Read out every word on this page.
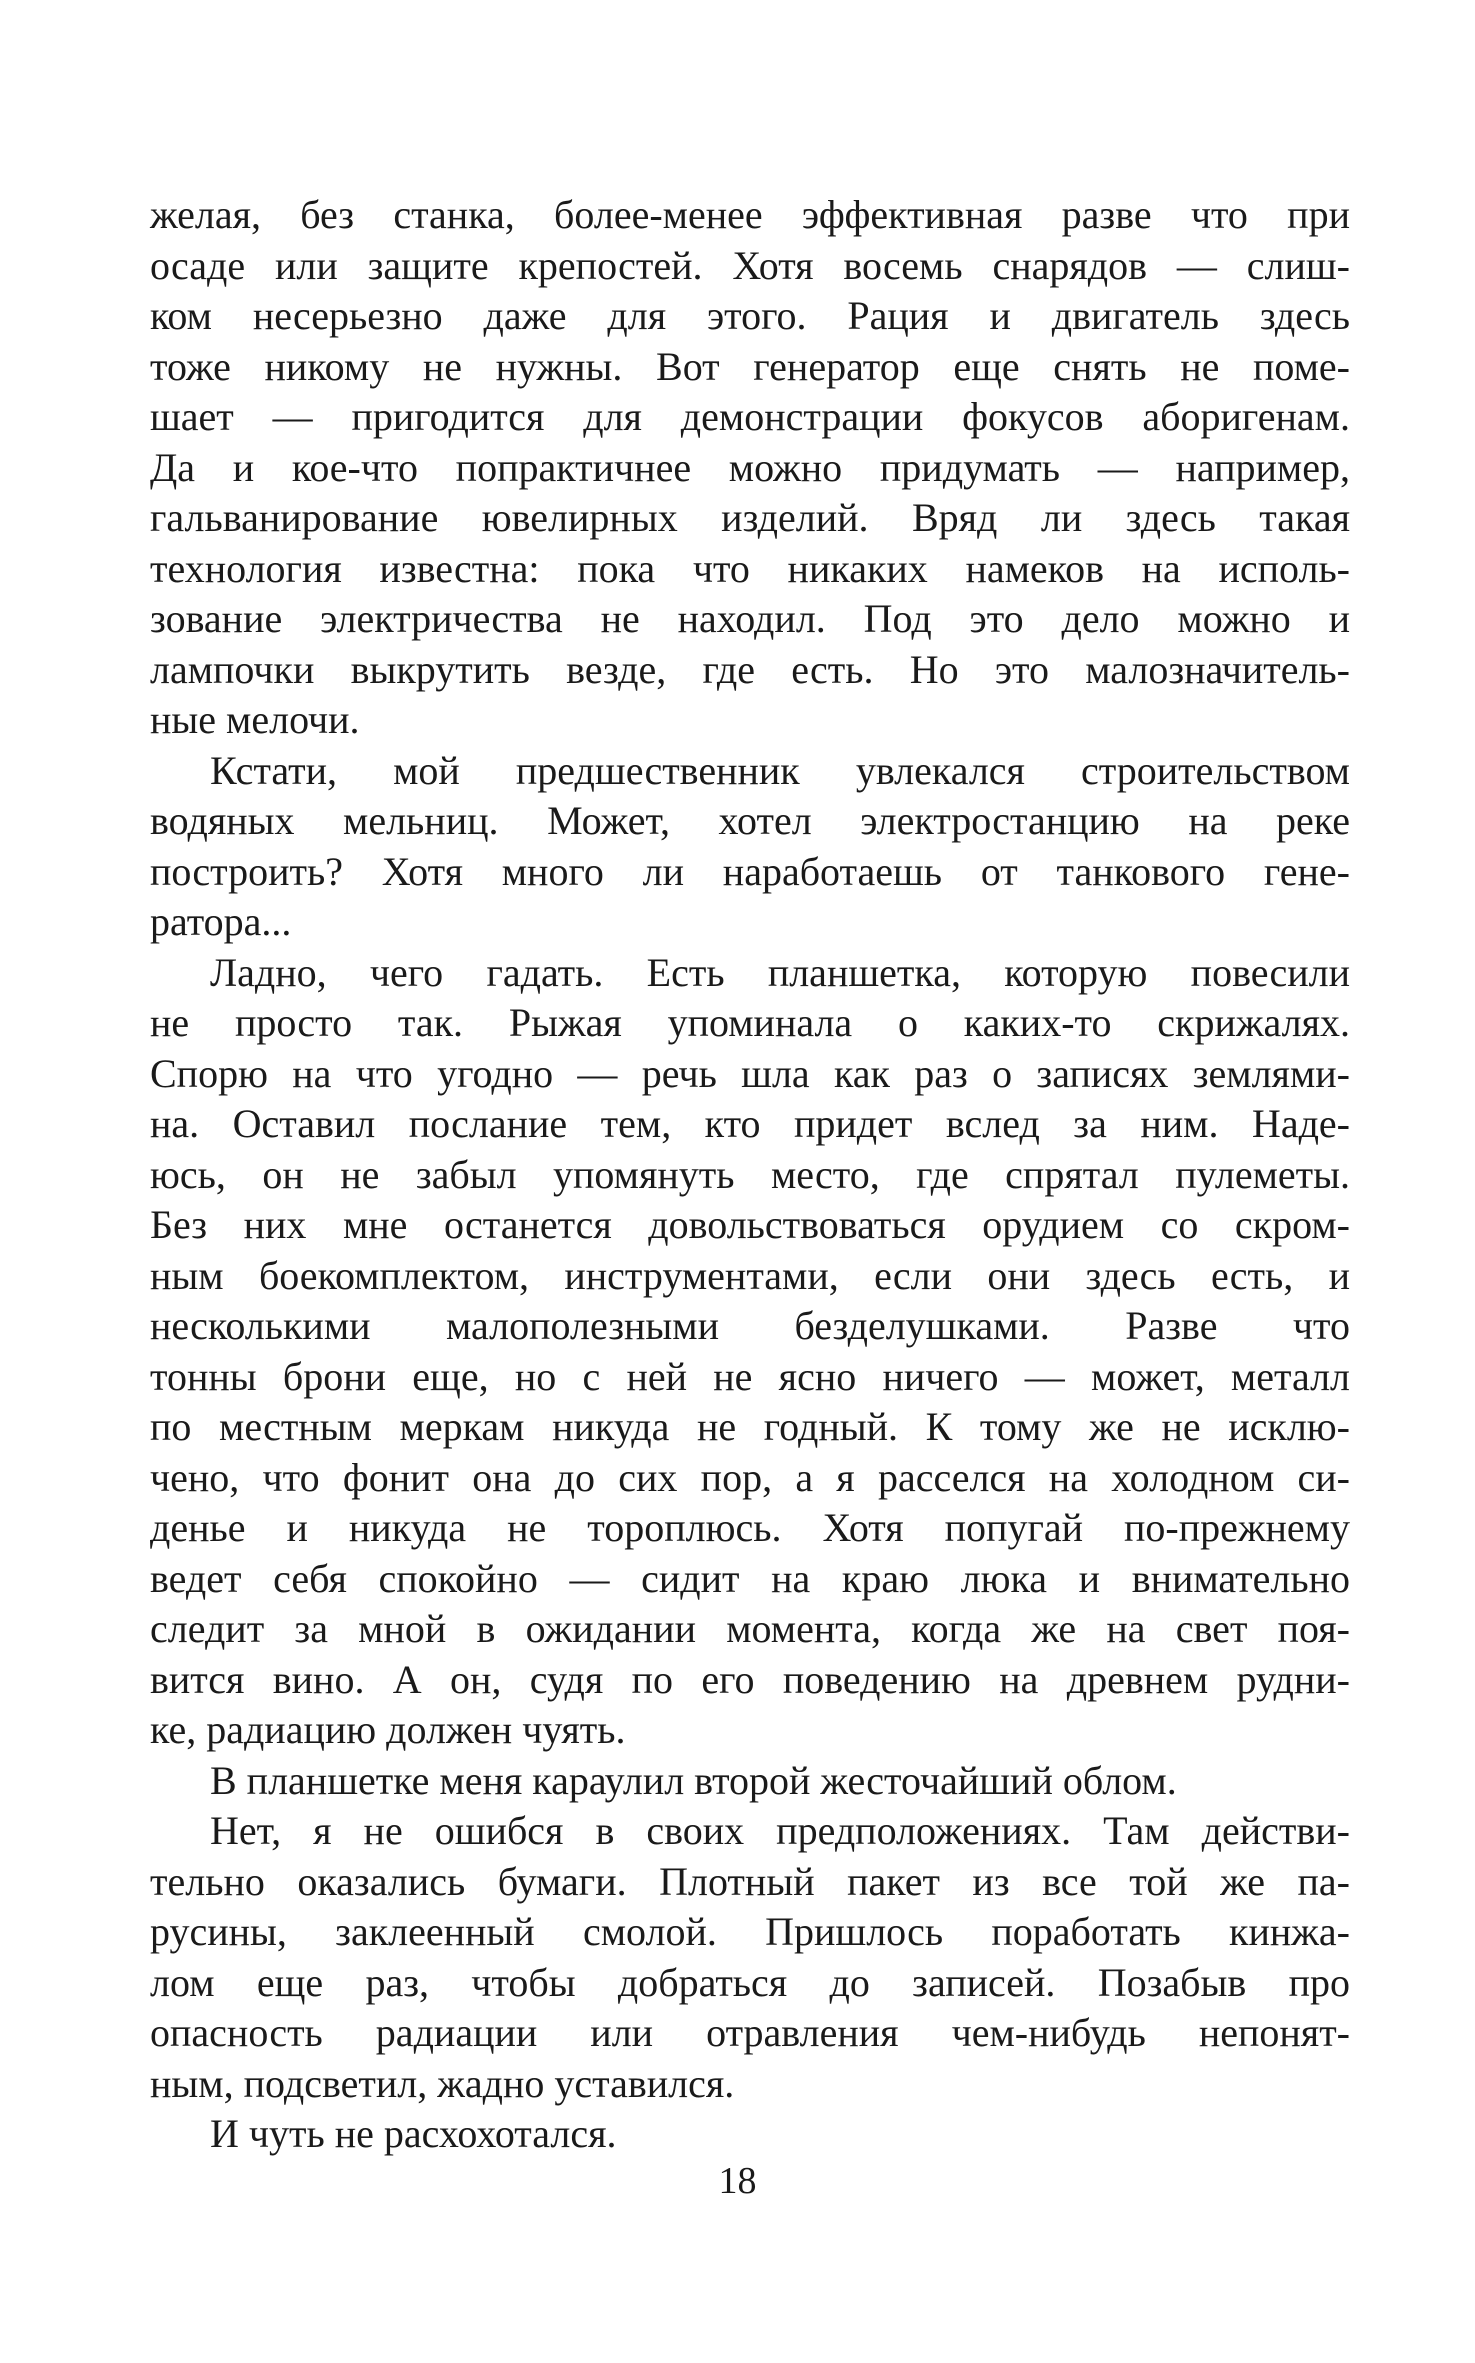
желая, без станка, более-менее эффективная разве что при
осаде или защите крепостей. Хотя восемь снарядов — слиш-
ком несерьезно даже для этого. Рация и двигатель здесь
тоже никому не нужны. Вот генератор еще снять не поме-
шает — пригодится для демонстрации фокусов аборигенам.
Да и кое-что попрактичнее можно придумать — например,
гальванирование ювелирных изделий. Вряд ли здесь такая
технология известна: пока что никаких намеков на исполь-
зование электричества не находил. Под это дело можно и
лампочки выкрутить везде, где есть. Но это малозначитель-
ные мелочи.
Кстати, мой предшественник увлекался строительством
водяных мельниц. Может, хотел электростанцию на реке
построить? Хотя много ли наработаешь от танкового гене-
ратора...
Ладно, чего гадать. Есть планшетка, которую повесили
не просто так. Рыжая упоминала о каких-то скрижалях.
Спорю на что угодно — речь шла как раз о записях землями-
на. Оставил послание тем, кто придет вслед за ним. Наде-
юсь, он не забыл упомянуть место, где спрятал пулеметы.
Без них мне останется довольствоваться орудием со скром-
ным боекомплектом, инструментами, если они здесь есть, и
несколькими малополезными безделушками. Разве что
тонны брони еще, но с ней не ясно ничего — может, металл
по местным меркам никуда не годный. К тому же не исклю-
чено, что фонит она до сих пор, а я расселся на холодном си-
денье и никуда не тороплюсь. Хотя попугай по-прежнему
ведет себя спокойно — сидит на краю люка и внимательно
следит за мной в ожидании момента, когда же на свет поя-
вится вино. А он, судя по его поведению на древнем рудни-
ке, радиацию должен чуять.
В планшетке меня караулил второй жесточайший облом.
Нет, я не ошибся в своих предположениях. Там действи-
тельно оказались бумаги. Плотный пакет из все той же па-
русины, заклеенный смолой. Пришлось поработать кинжа-
лом еще раз, чтобы добраться до записей. Позабыв про
опасность радиации или отравления чем-нибудь непонят-
ным, подсветил, жадно уставился.
И чуть не расхохотался.
18
